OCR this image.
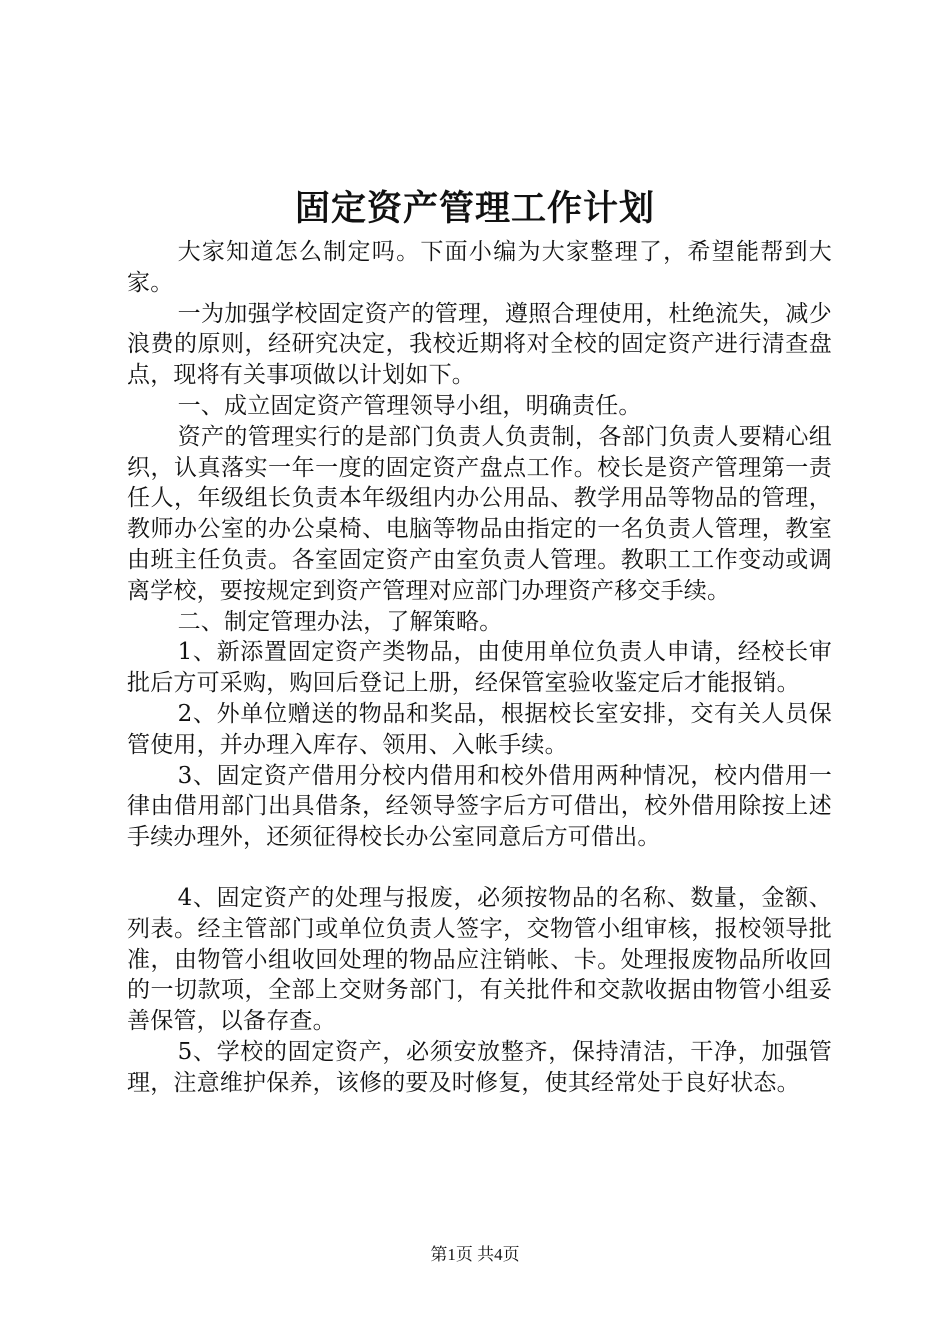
固定资产管理工作计划

大家知道怎么制定吗。下面小编为大家整理了，希望能帮到大家。

一为加强学校固定资产的管理，遵照合理使用，杜绝流失，减少浪费的原则，经研究决定，我校近期将对全校的固定资产进行清查盘点，现将有关事项做以计划如下。

一、成立固定资产管理领导小组，明确责任。

资产的管理实行的是部门负责人负责制，各部门负责人要精心组织，认真落实一年一度的固定资产盘点工作。校长是资产管理第一责任人，年级组长负责本年级组内办公用品、教学用品等物品的管理，教师办公室的办公桌椅、电脑等物品由指定的一名负责人管理，教室由班主任负责。各室固定资产由室负责人管理。教职工工作变动或调离学校，要按规定到资产管理对应部门办理资产移交手续。

二、制定管理办法，了解策略。

1、新添置固定资产类物品，由使用单位负责人申请，经校长审批后方可采购，购回后登记上册，经保管室验收鉴定后才能报销。

2、外单位赠送的物品和奖品，根据校长室安排，交有关人员保管使用，并办理入库存、领用、入帐手续。

3、固定资产借用分校内借用和校外借用两种情况，校内借用一律由借用部门出具借条，经领导签字后方可借出，校外借用除按上述手续办理外，还须征得校长办公室同意后方可借出。

4、固定资产的处理与报废，必须按物品的名称、数量，金额、列表。经主管部门或单位负责人签字，交物管小组审核，报校领导批准，由物管小组收回处理的物品应注销帐、卡。处理报废物品所收回的一切款项，全部上交财务部门，有关批件和交款收据由物管小组妥善保管，以备存查。

5、学校的固定资产，必须安放整齐，保持清洁，干净，加强管理，注意维护保养，该修的要及时修复，使其经常处于良好状态。

第1页 共4页
